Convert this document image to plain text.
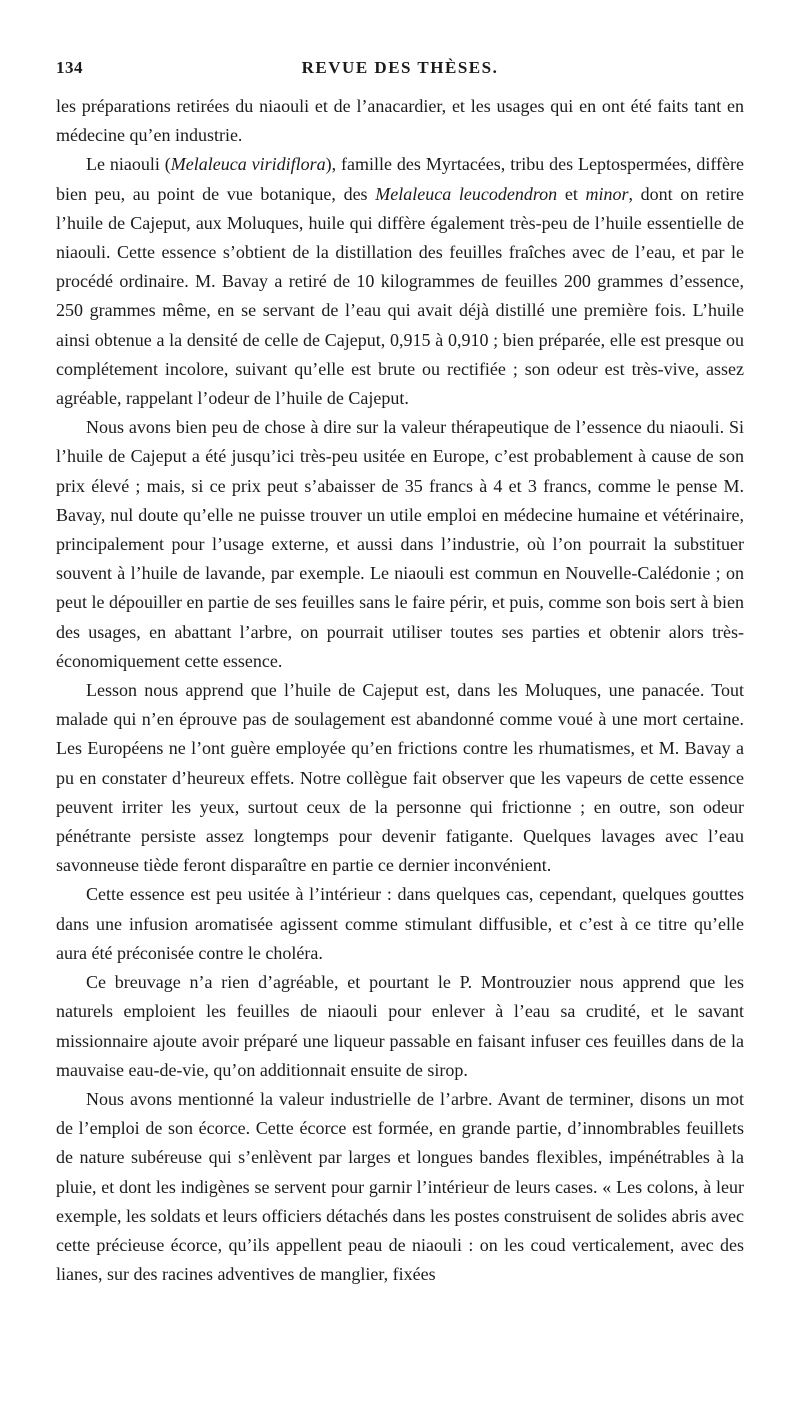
134	REVUE DES THÈSES.

les préparations retirées du niaouli et de l’anacardier, et les usages qui en ont été faits tant en médecine qu’en industrie.

Le niaouli (Melaleuca viridiflora), famille des Myrtacées, tribu des Leptospermées, diffère bien peu, au point de vue botanique, des Melaleuca leucodendron et minor, dont on retire l’huile de Cajeput, aux Moluques, huile qui diffère également très-peu de l’huile essentielle de niaouli. Cette essence s’obtient de la distillation des feuilles fraîches avec de l’eau, et par le procédé ordinaire. M. Bavay a retiré de 10 kilogrammes de feuilles 200 grammes d’essence, 250 grammes même, en se servant de l’eau qui avait déjà distillé une première fois. L’huile ainsi obtenue a la densité de celle de Cajeput, 0,915 à 0,910 ; bien préparée, elle est presque ou complétement incolore, suivant qu’elle est brute ou rectifiée ; son odeur est très-vive, assez agréable, rappelant l’odeur de l’huile de Cajeput.

Nous avons bien peu de chose à dire sur la valeur thérapeutique de l’essence du niaouli. Si l’huile de Cajeput a été jusqu’ici très-peu usitée en Europe, c’est probablement à cause de son prix élevé ; mais, si ce prix peut s’abaisser de 35 francs à 4 et 3 francs, comme le pense M. Bavay, nul doute qu’elle ne puisse trouver un utile emploi en médecine humaine et vétérinaire, principalement pour l’usage externe, et aussi dans l’industrie, où l’on pourrait la substituer souvent à l’huile de lavande, par exemple. Le niaouli est commun en Nouvelle-Calédonie ; on peut le dépouiller en partie de ses feuilles sans le faire périr, et puis, comme son bois sert à bien des usages, en abattant l’arbre, on pourrait utiliser toutes ses parties et obtenir alors très-économiquement cette essence.

Lesson nous apprend que l’huile de Cajeput est, dans les Moluques, une panacée. Tout malade qui n’en éprouve pas de soulagement est abandonné comme voué à une mort certaine. Les Européens ne l’ont guère employée qu’en frictions contre les rhumatismes, et M. Bavay a pu en constater d’heureux effets. Notre collègue fait observer que les vapeurs de cette essence peuvent irriter les yeux, surtout ceux de la personne qui frictionne ; en outre, son odeur pénétrante persiste assez longtemps pour devenir fatigante. Quelques lavages avec l’eau savonneuse tiède feront disparaître en partie ce dernier inconvénient.

Cette essence est peu usitée à l’intérieur : dans quelques cas, cependant, quelques gouttes dans une infusion aromatisée agissent comme stimulant diffusible, et c’est à ce titre qu’elle aura été préconisée contre le choléra.

Ce breuvage n’a rien d’agréable, et pourtant le P. Montrouzier nous apprend que les naturels emploient les feuilles de niaouli pour enlever à l’eau sa crudité, et le savant missionnaire ajoute avoir préparé une liqueur passable en faisant infuser ces feuilles dans de la mauvaise eau-de-vie, qu’on additionnait ensuite de sirop.

Nous avons mentionné la valeur industrielle de l’arbre. Avant de terminer, disons un mot de l’emploi de son écorce. Cette écorce est formée, en grande partie, d’innombrables feuillets de nature subéreuse qui s’enlèvent par larges et longues bandes flexibles, impénétrables à la pluie, et dont les indigènes se servent pour garnir l’intérieur de leurs cases. « Les colons, à leur exemple, les soldats et leurs officiers détachés dans les postes construisent de solides abris avec cette précieuse écorce, qu’ils appellent peau de niaouli : on les coud verticalement, avec des lianes, sur des racines adventives de manglier, fixées
